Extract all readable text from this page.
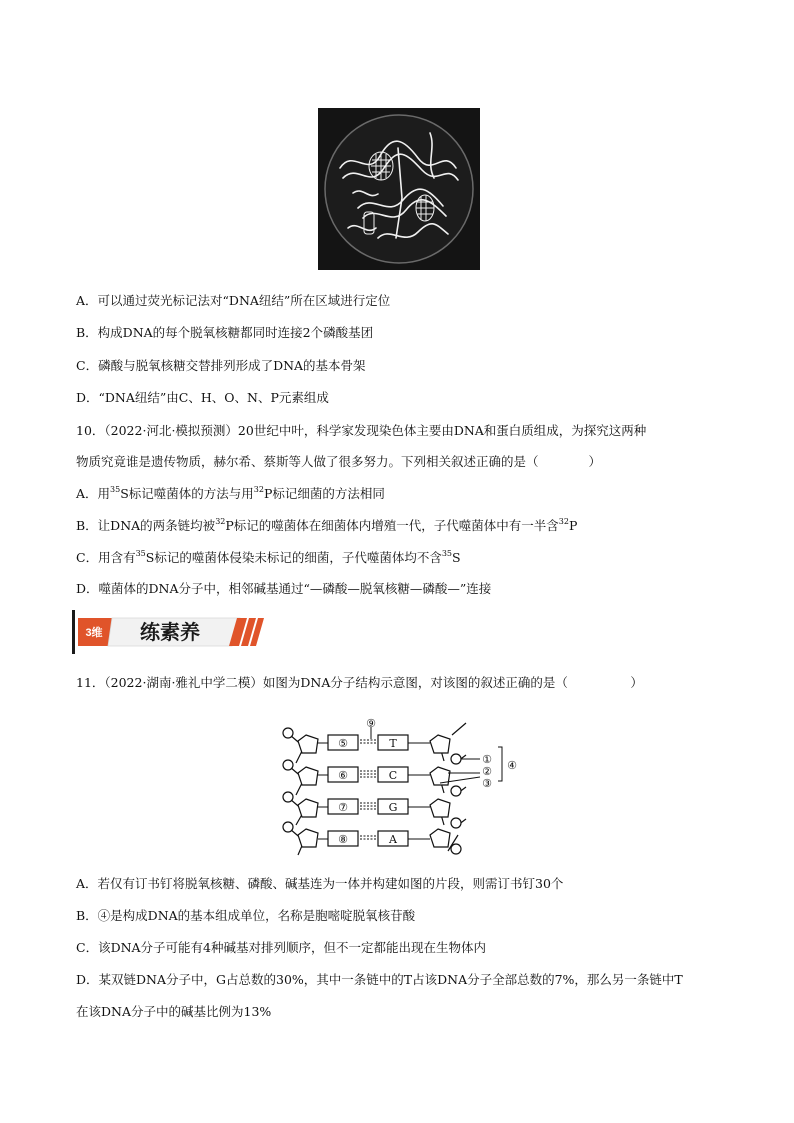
A．可以通过荧光标记法对“DNA纽结”所在区域进行定位
B．构成DNA的每个脱氧核糖都同时连接2个磷酸基团
C．磷酸与脱氧核糖交替排列形成了DNA的基本骨架
D．“DNA纽结”由C、H、O、N、P元素组成
10．（2022·河北·模拟预测）20世纪中叶，科学家发现染色体主要由DNA和蛋白质组成，为探究这两种
物质究竟谁是遗传物质，赫尔希、蔡斯等人做了很多努力。下列相关叙述正确的是（　　　　）
A．用$^{35}$S标记噬菌体的方法与用$^{32}$P标记细菌的方法相同
B．让DNA的两条链均被$^{32}$P标记的噬菌体在细菌体内增殖一代，子代噬菌体中有一半含$^{32}$P
C．用含有$^{35}$S标记的噬菌体侵染未标记的细菌，子代噬菌体均不含$^{35}$S
D．噬菌体的DNA分子中，相邻碱基通过“—磷酸—脱氧核糖—磷酸—”连接
3维 练素养
11．（2022·湖南·雅礼中学二模）如图为DNA分子结构示意图，对该图的叙述正确的是（　　　　　）
⑤
⑥
⑦
⑧
T
C
G
A
⑨
①
②
③
④
A．若仅有订书钉将脱氧核糖、磷酸、碱基连为一体并构建如图的片段，则需订书钉30个
B．④是构成DNA的基本组成单位，名称是胞嘧啶脱氧核苷酸
C．该DNA分子可能有4种碱基对排列顺序，但不一定都能出现在生物体内
D．某双链DNA分子中，G占总数的30%，其中一条链中的T占该DNA分子全部总数的7%，那么另一条链中T
在该DNA分子中的碱基比例为13%
